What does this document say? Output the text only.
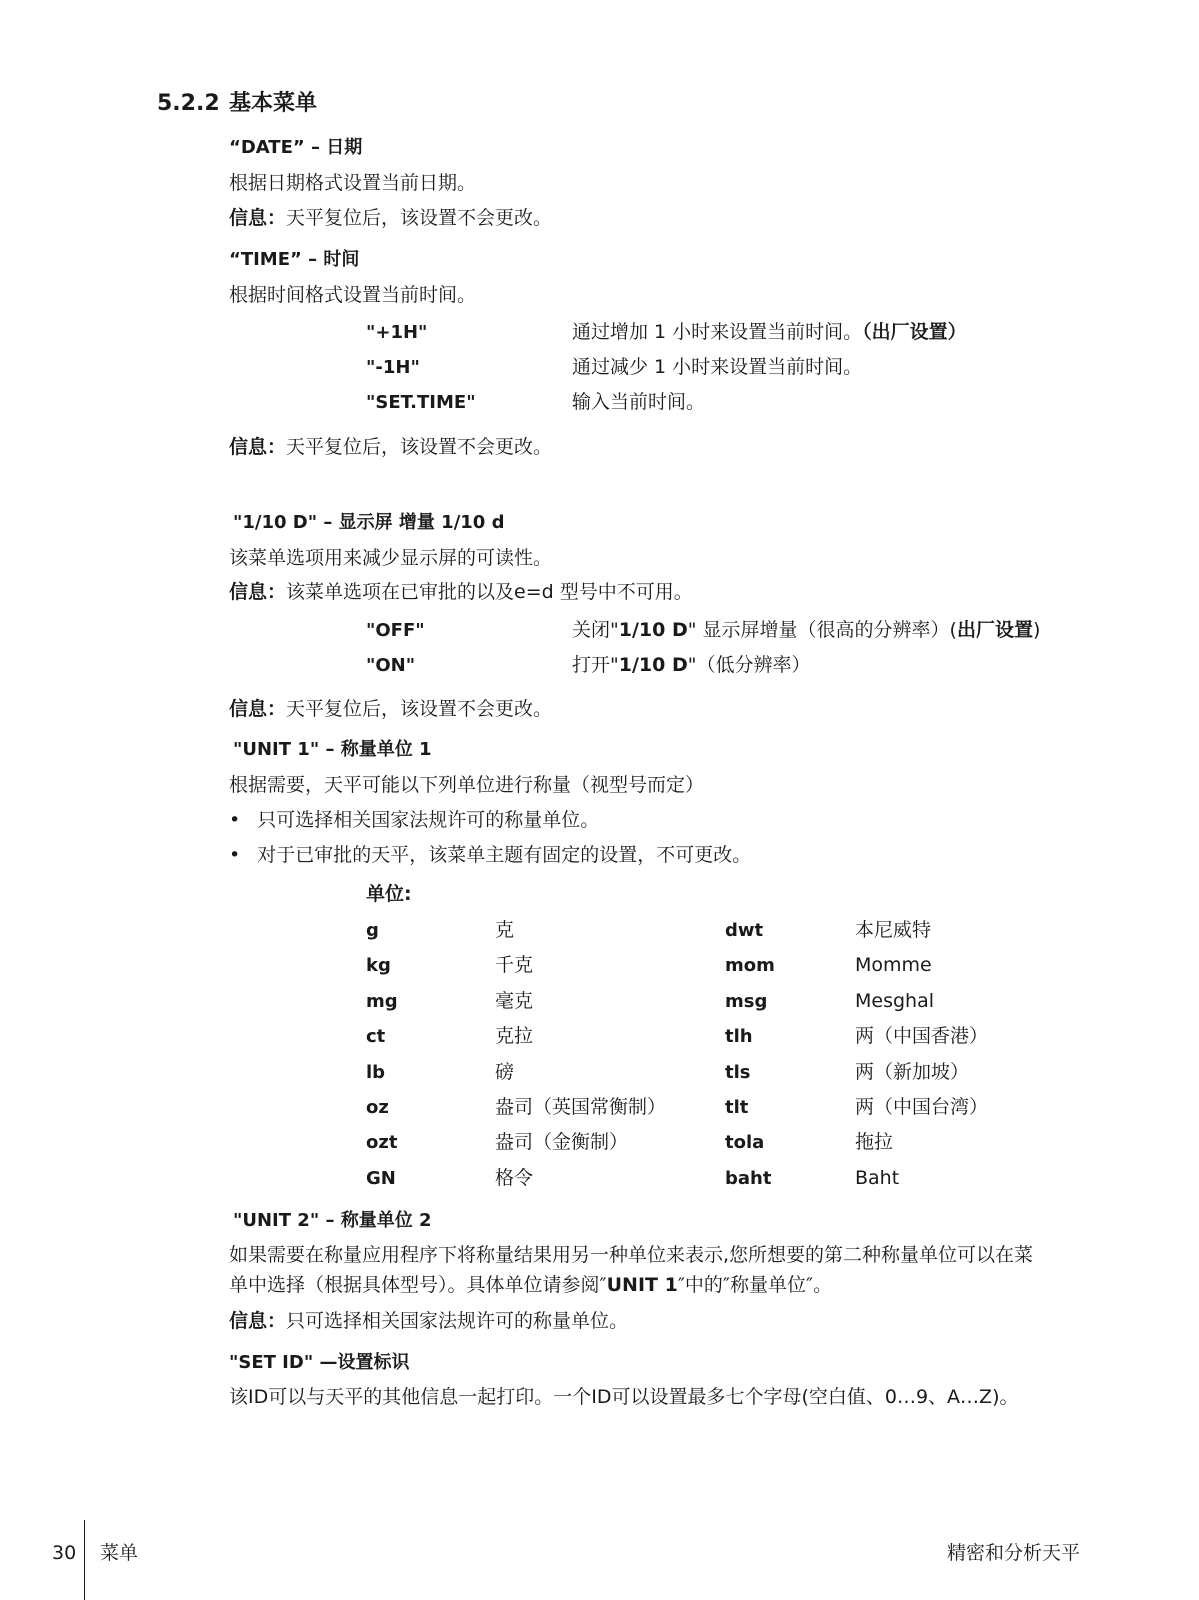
5.2.2 基本菜单
“DATE” – 日期
根据日期格式设置当前日期。
信息：天平复位后，该设置不会更改。
“TIME” – 时间
根据时间格式设置当前时间。
"+1H"	通过增加 1 小时来设置当前时间。（出厂设置）
"-1H"	通过减少 1 小时来设置当前时间。
"SET.TIME"	输入当前时间。
信息：天平复位后，该设置不会更改。
"1/10 D" – 显示屏 增量 1/10 d
该菜单选项用来减少显示屏的可读性。
信息：该菜单选项在已审批的以及e=d 型号中不可用。
"OFF"	关闭"1/10 D" 显示屏增量（很高的分辨率）(出厂设置)
"ON"	打开"1/10 D"（低分辨率）
信息：天平复位后，该设置不会更改。
"UNIT 1" – 称量单位 1
根据需要，天平可能以下列单位进行称量（视型号而定）
• 只可选择相关国家法规许可的称量单位。
• 对于已审批的天平，该菜单主题有固定的设置，不可更改。
单位:
g	克	dwt	本尼威特
kg	千克	mom	Momme
mg	毫克	msg	Mesghal
ct	克拉	tlh	两（中国香港）
lb	磅	tls	两（新加坡）
oz	盎司（英国常衡制）	tlt	两（中国台湾）
ozt	盎司（金衡制）	tola	拖拉
GN	格令	baht	Baht
"UNIT 2" – 称量单位 2
如果需要在称量应用程序下将称量结果用另一种单位来表示,您所想要的第二种称量单位可以在菜
单中选择（根据具体型号）。具体单位请参阅″UNIT 1″中的″称量单位″。
信息：只可选择相关国家法规许可的称量单位。
"SET ID" —设置标识
该ID可以与天平的其他信息一起打印。一个ID可以设置最多七个字母(空白值、0…9、A…Z)。
30 菜单	精密和分析天平
